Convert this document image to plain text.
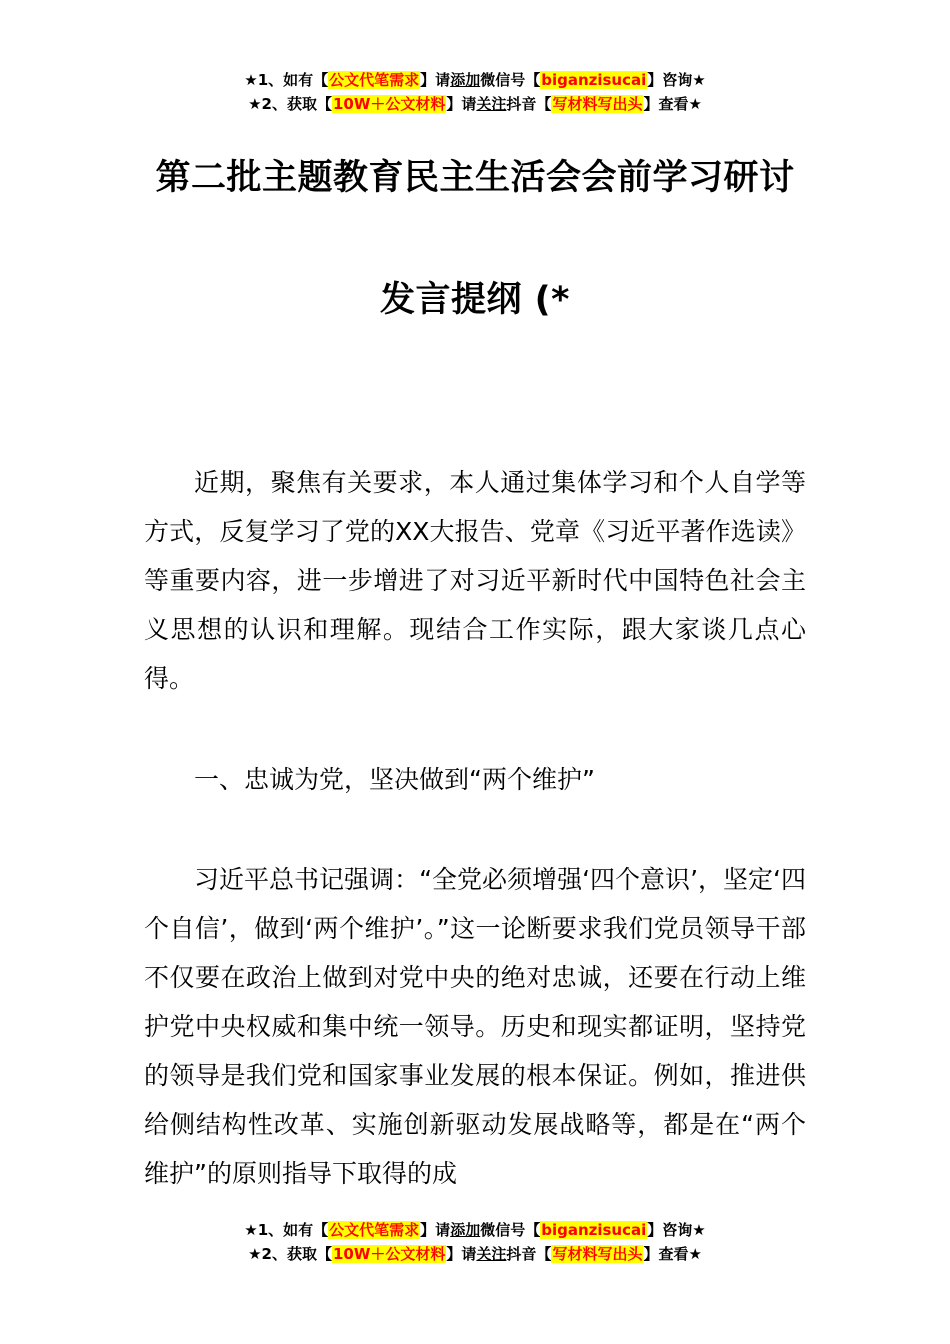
★1、如有【公文代笔需求】请添加微信号【biganzisucai】咨询★
★2、获取【10W＋公文材料】请关注抖音【写材料写出头】查看★
第二批主题教育民主生活会会前学习研讨
发言提纲 (*

近期，聚焦有关要求，本人通过集体学习和个人自学等方式，反复学习了党的XX大报告、党章《习近平著作选读》等重要内容，进一步增进了对习近平新时代中国特色社会主义思想的认识和理解。现结合工作实际，跟大家谈几点心得。

一、忠诚为党，坚决做到“两个维护”

习近平总书记强调：“全党必须增强‘四个意识’，坚定‘四个自信’，做到‘两个维护’。”这一论断要求我们党员领导干部不仅要在政治上做到对党中央的绝对忠诚，还要在行动上维护党中央权威和集中统一领导。历史和现实都证明，坚持党的领导是我们党和国家事业发展的根本保证。例如，推进供给侧结构性改革、实施创新驱动发展战略等，都是在“两个维护”的原则指导下取得的成

★1、如有【公文代笔需求】请添加微信号【biganzisucai】咨询★
★2、获取【10W＋公文材料】请关注抖音【写材料写出头】查看★
